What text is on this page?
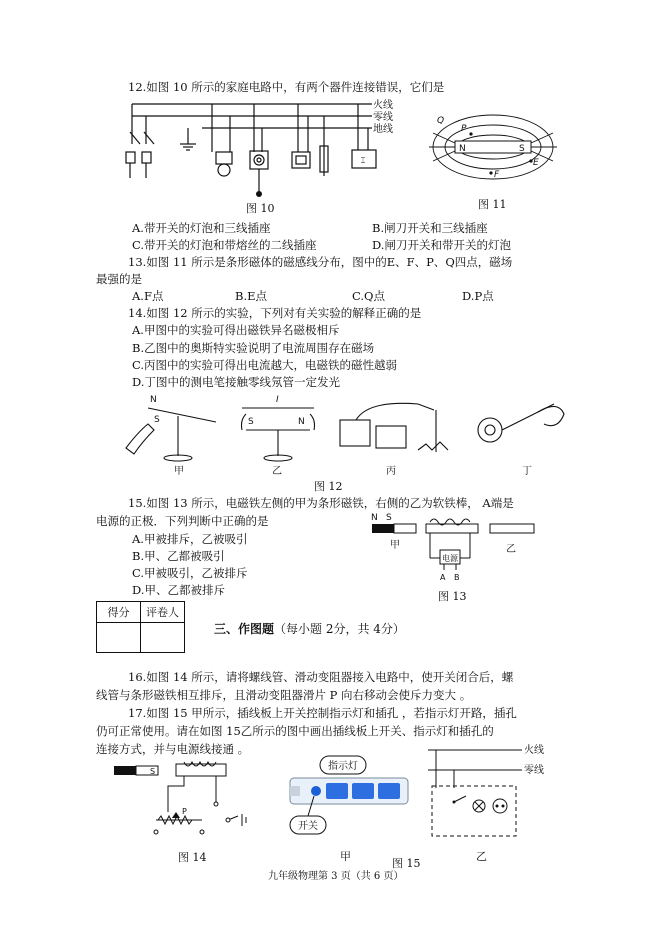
12.如图 10 所示的家庭电路中，有两个器件连接错误，它们是
⌶
火线
零线
地线
图 10
N	S
Q
P
E
F
图 11
A.带开关的灯泡和三线插座	B.闸刀开关和三线插座
C.带开关的灯泡和带熔丝的二线插座	D.闸刀开关和带开关的灯泡
13.如图 11 所示是条形磁体的磁感线分布，图中的E、F、P、Q四点，磁场
最强的是
A.F点	B.E点	C.Q点	D.P点
14.如图 12 所示的实验，下列对有关实验的解释正确的是
A.甲图中的实验可得出磁铁异名磁极相斥
B.乙图中的奥斯特实验说明了电流周围存在磁场
C.丙图中的实验可得出电流越大，电磁铁的磁性越弱
D.丁图中的测电笔接触零线氖管一定发光
N
S
I
S	N
甲	乙	丙	丁
图 12
15.如图 13 所示，电磁铁左侧的甲为条形磁铁，右侧的乙为软铁棒， A端是
电源的正极．下列判断中正确的是
A.甲被排斥，乙被吸引
B.甲、乙都被吸引
C.甲被吸引，乙被排斥
D.甲、乙都被排斥
N S
甲
电源
A B
乙
图 13
得分	评卷人

三、作图题（每小题 2分，共 4分）
16.如图 14 所示，请将螺线管、滑动变阻器接入电路中，使开关闭合后，螺
线管与条形磁铁相互排斥，且滑动变阻器滑片 P 向右移动会使斥力变大 。
17.如图 15 甲所示，插线板上开关控制指示灯和插孔 ，若指示灯开路，插孔
仍可正常使用。请在如图 15乙所示的图中画出插线板上开关、指示灯和插孔的
连接方式，并与电源线接通 。
S
P
图 14
指示灯
开关
甲
图 15
火线
零线
乙
九年级物理第 3 页（共 6 页）
